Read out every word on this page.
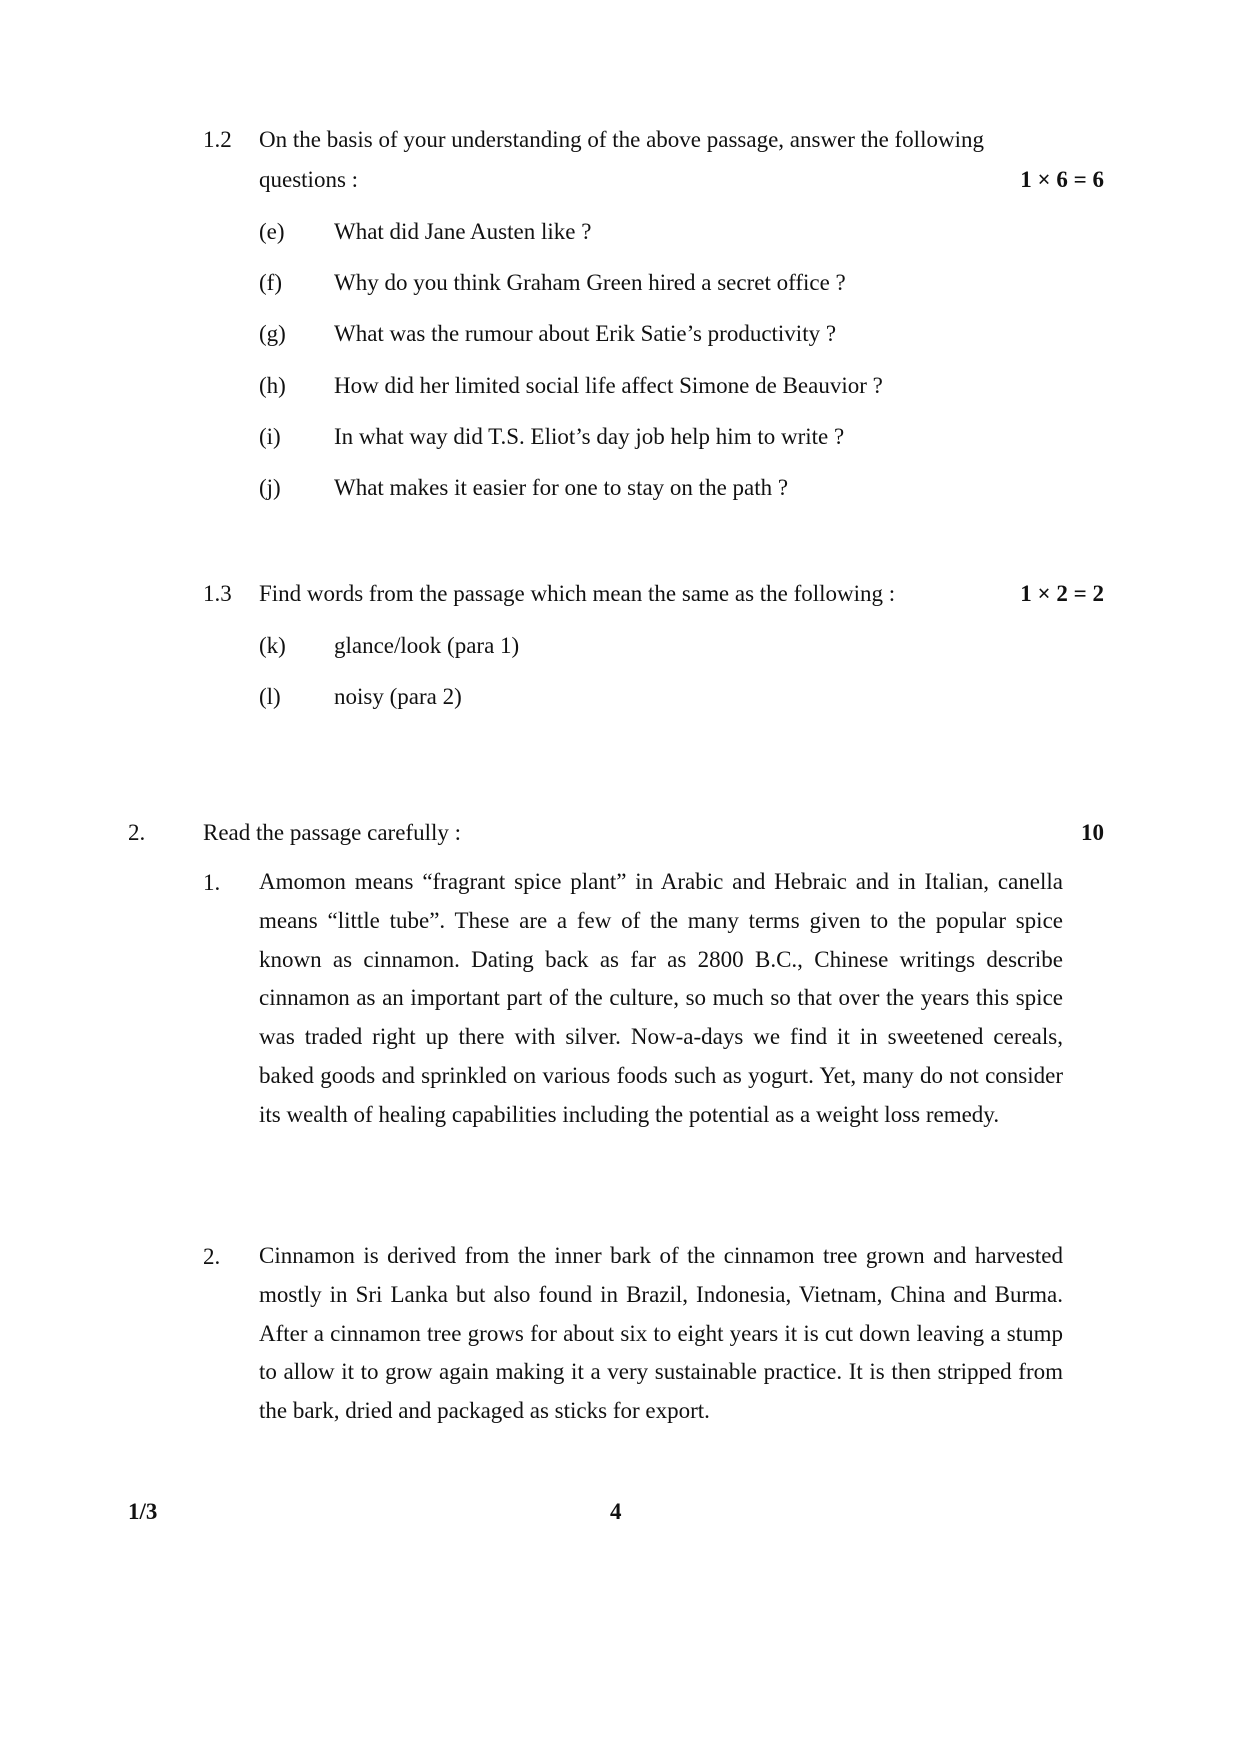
1.2 On the basis of your understanding of the above passage, answer the following
questions :	1 × 6 = 6
(e) What did Jane Austen like ?
(f) Why do you think Graham Green hired a secret office ?
(g) What was the rumour about Erik Satie’s productivity ?
(h) How did her limited social life affect Simone de Beauvior ?
(i) In what way did T.S. Eliot’s day job help him to write ?
(j) What makes it easier for one to stay on the path ?
1.3 Find words from the passage which mean the same as the following :	1 × 2 = 2
(k) glance/look (para 1)
(l) noisy (para 2)
2.	Read the passage carefully :	10
1. Amomon means “fragrant spice plant” in Arabic and Hebraic and in Italian, canella means “little tube”. These are a few of the many terms given to the popular spice known as cinnamon. Dating back as far as 2800 B.C., Chinese writings describe cinnamon as an important part of the culture, so much so that over the years this spice was traded right up there with silver. Now-a-days we find it in sweetened cereals, baked goods and sprinkled on various foods such as yogurt. Yet, many do not consider its wealth of healing capabilities including the potential as a weight loss remedy.
2. Cinnamon is derived from the inner bark of the cinnamon tree grown and harvested mostly in Sri Lanka but also found in Brazil, Indonesia, Vietnam, China and Burma. After a cinnamon tree grows for about six to eight years it is cut down leaving a stump to allow it to grow again making it a very sustainable practice. It is then stripped from the bark, dried and packaged as sticks for export.
1/3	4
